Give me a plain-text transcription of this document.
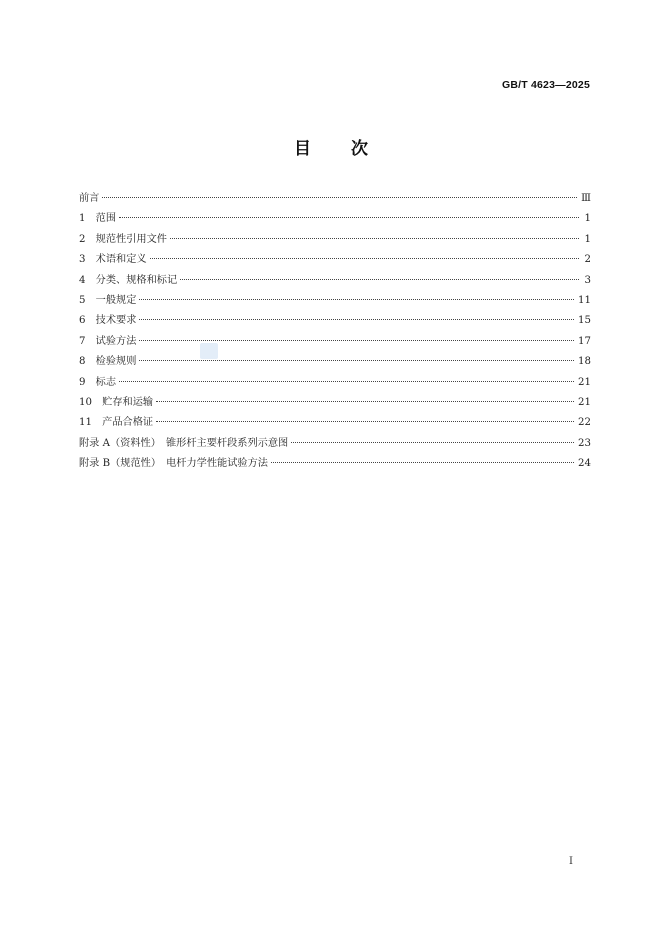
GB/T 4623—2025
目次
前言	Ⅲ
1　范围	1
2　规范性引用文件	1
3　术语和定义	2
4　分类、规格和标记	3
5　一般规定	11
6　技术要求	15
7　试验方法	17
8　检验规则	18
9　标志	21
10　贮存和运输	21
11　产品合格证	22
附录 A（资料性）　锥形杆主要杆段系列示意图	23
附录 B（规范性）　电杆力学性能试验方法	24
I
